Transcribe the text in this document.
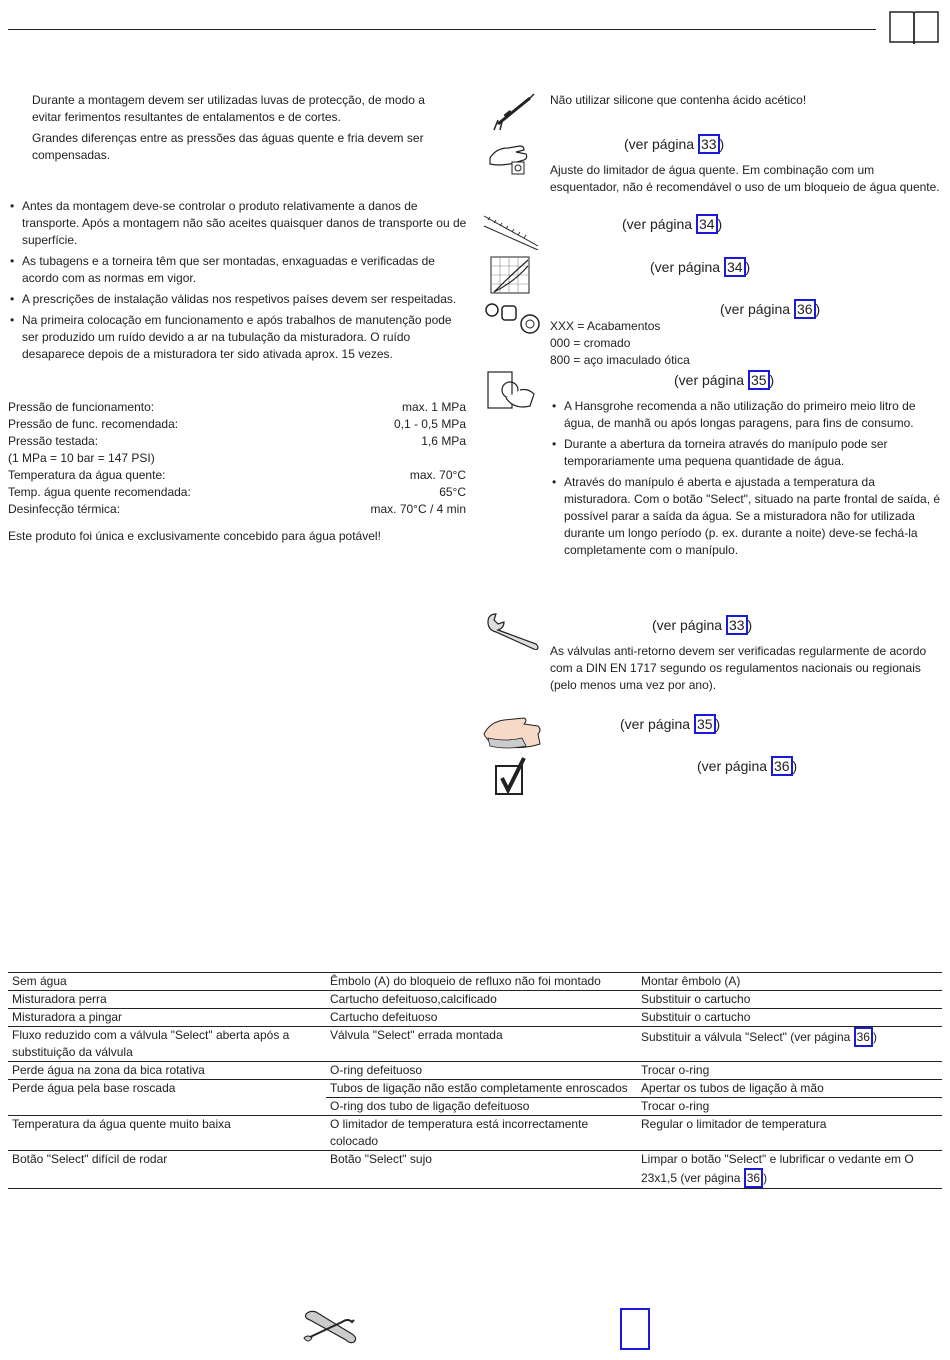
Durante a montagem devem ser utilizadas luvas de protecção, de modo a evitar ferimentos resultantes de entalamentos e de cortes.

Grandes diferenças entre as pressões das águas quente e fria devem ser compensadas.

• Antes da montagem deve-se controlar o produto relativamente a danos de transporte. Após a montagem não são aceites quaisquer danos de transporte ou de superfície.
• As tubagens e a torneira têm que ser montadas, enxaguadas e verificadas de acordo com as normas em vigor.
• A prescrições de instalação válidas nos respetivos países devem ser respeitadas.
• Na primeira colocação em funcionamento e após trabalhos de manutenção pode ser produzido um ruído devido a ar na tubulação da misturadora. O ruído desaparece depois de a misturadora ter sido ativada aprox. 15 vezes.
Pressão de funcionamento:	max. 1 MPa
Pressão de func. recomendada:	0,1 - 0,5 MPa
Pressão testada:	1,6 MPa
(1 MPa = 10 bar = 147 PSI)
Temperatura da água quente:	max. 70°C
Temp. água quente recomendada:	65°C
Desinfecção térmica:	max. 70°C / 4 min

Este produto foi única e exclusivamente concebido para água potável!

Não utilizar silicone que contenha ácido acético!

(ver página 33 )

Ajuste do limitador de água quente. Em combinação com um esquentador, não é recomendável o uso de um bloqueio de água quente.

(ver página 34 )
(ver página 34 )
(ver página 36 )
XXX = Acabamentos
000 = cromado
800 = aço imaculado ótica
(ver página 35 )
• A Hansgrohe recomenda a não utilização do primeiro meio litro de água, de manhã ou após longas paragens, para fins de consumo.
• Durante a abertura da torneira através do manípulo pode ser temporariamente uma pequena quantidade de água.
• Através do manípulo é aberta e ajustada a temperatura da misturadora. Com o botão "Select", situado na parte frontal de saída, é possível parar a saída da água. Se a misturadora não for utilizada durante um longo período (p. ex. durante a noite) deve-se fechá-la completamente com o manípulo.
(ver página 33 )

As válvulas anti-retorno devem ser verificadas regularmente de acordo com a DIN EN 1717 segundo os regulamentos nacionais ou regionais (pelo menos uma vez por ano).

(ver página 35 )
(ver página 36 )
Sem água	Êmbolo (A) do bloqueio de refluxo não foi montado	Montar êmbolo (A)
Misturadora perra	Cartucho defeituoso,calcificado	Substituir o cartucho
Misturadora a pingar	Cartucho defeituoso	Substituir o cartucho
Fluxo reduzido com a válvula "Select" aberta após a substituição da válvula	Válvula "Select" errada montada	Substituir a válvula "Select" (ver página 36 )
Perde água na zona da bica rotativa	O-ring defeituoso	Trocar o-ring
Perde água pela base roscada	Tubos de ligação não estão completamente enroscados	Apertar os tubos de ligação à mão
	O-ring dos tubo de ligação defeituoso	Trocar o-ring
Temperatura da água quente muito baixa	O limitador de temperatura está incorrectamente colocado	Regular o limitador de temperatura
Botão "Select" difícil de rodar	Botão "Select" sujo	Limpar o botão "Select" e lubrificar o vedante em O 23x1,5 (ver página 36 )
